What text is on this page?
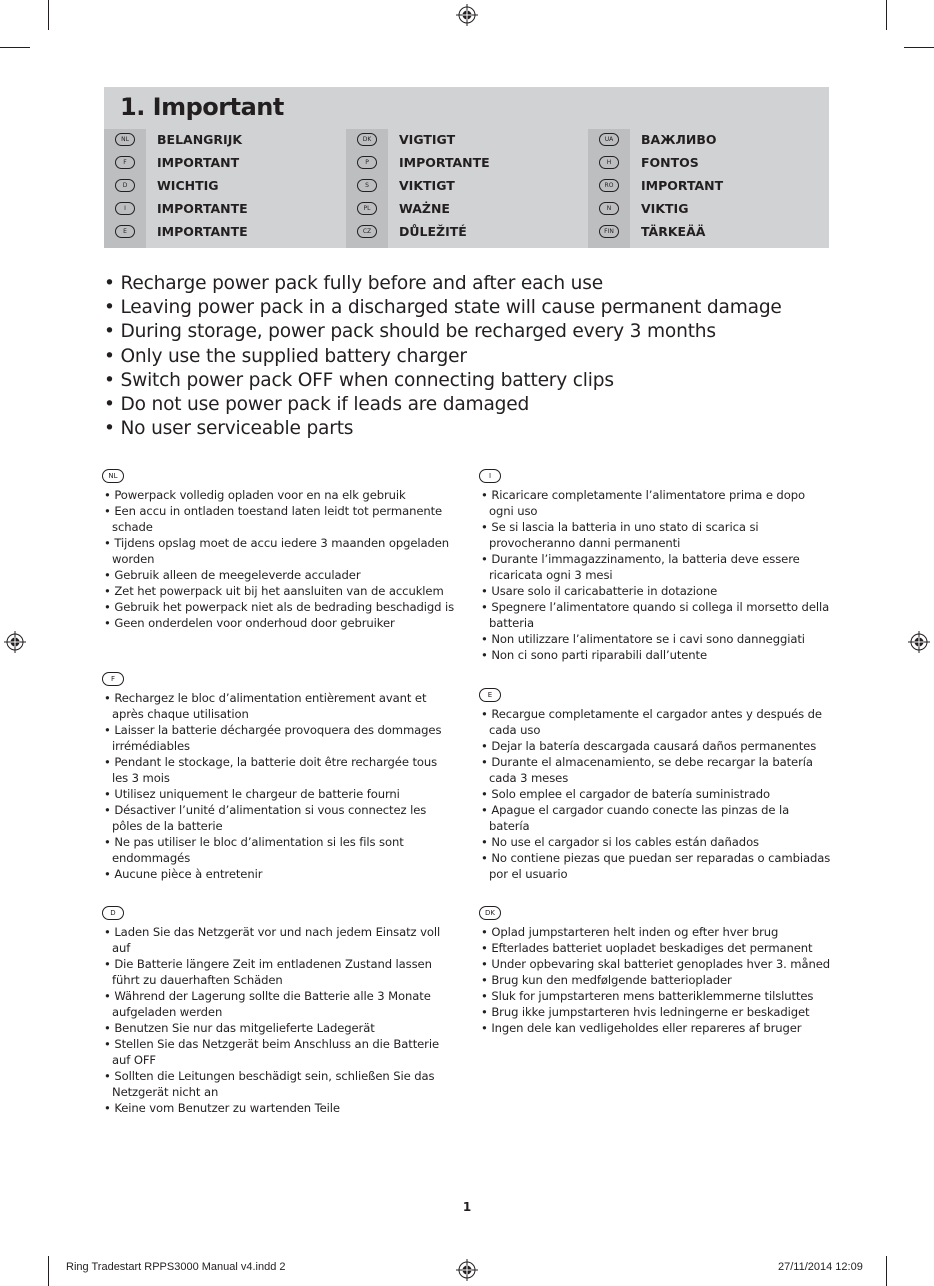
1. Important
NL	BELANGRIJK
F	IMPORTANT
D	WICHTIG
I	IMPORTANTE
E	IMPORTANTE
DK	VIGTIGT
P	IMPORTANTE
S	VIKTIGT
PL	WAŻNE
CZ	DŮLEŽITÉ
UA	ВАЖЛИВО
H	FONTOS
RO	IMPORTANT
N	VIKTIG
FIN	TÄRKEÄÄ
• Recharge power pack fully before and after each use
• Leaving power pack in a discharged state will cause permanent damage
• During storage, power pack should be recharged every 3 months
• Only use the supplied battery charger
• Switch power pack OFF when connecting battery clips
• Do not use power pack if leads are damaged
• No user serviceable parts
NL
• Powerpack volledig opladen voor en na elk gebruik
• Een accu in ontladen toestand laten leidt tot permanente schade
• Tijdens opslag moet de accu iedere 3 maanden opgeladen worden
• Gebruik alleen de meegeleverde acculader
• Zet het powerpack uit bij het aansluiten van de accuklem
• Gebruik het powerpack niet als de bedrading beschadigd is
• Geen onderdelen voor onderhoud door gebruiker
F
• Rechargez le bloc d’alimentation entièrement avant et après chaque utilisation
• Laisser la batterie déchargée provoquera des dommages irrémédiables
• Pendant le stockage, la batterie doit être rechargée tous les 3 mois
• Utilisez uniquement le chargeur de batterie fourni
• Désactiver l’unité d’alimentation si vous connectez les pôles de la batterie
• Ne pas utiliser le bloc d’alimentation si les fils sont endommagés
• Aucune pièce à entretenir
D
• Laden Sie das Netzgerät vor und nach jedem Einsatz voll auf
• Die Batterie längere Zeit im entladenen Zustand lassen führt zu dauerhaften Schäden
• Während der Lagerung sollte die Batterie alle 3 Monate aufgeladen werden
• Benutzen Sie nur das mitgelieferte Ladegerät
• Stellen Sie das Netzgerät beim Anschluss an die Batterie auf OFF
• Sollten die Leitungen beschädigt sein, schließen Sie das Netzgerät nicht an
• Keine vom Benutzer zu wartenden Teile
I
• Ricaricare completamente l’alimentatore prima e dopo ogni uso
• Se si lascia la batteria in uno stato di scarica si provocheranno danni permanenti
• Durante l’immagazzinamento, la batteria deve essere ricaricata ogni 3 mesi
• Usare solo il caricabatterie in dotazione
• Spegnere l’alimentatore quando si collega il morsetto della batteria
• Non utilizzare l’alimentatore se i cavi sono danneggiati
• Non ci sono parti riparabili dall’utente
E
• Recargue completamente el cargador antes y después de cada uso
• Dejar la batería descargada causará daños permanentes
• Durante el almacenamiento, se debe recargar la batería cada 3 meses
• Solo emplee el cargador de batería suministrado
• Apague el cargador cuando conecte las pinzas de la batería
• No use el cargador si los cables están dañados
• No contiene piezas que puedan ser reparadas o cambiadas por el usuario
DK
• Oplad jumpstarteren helt inden og efter hver brug
• Efterlades batteriet uopladet beskadiges det permanent
• Under opbevaring skal batteriet genoplades hver 3. måned
• Brug kun den medfølgende batterioplader
• Sluk for jumpstarteren mens batteriklemmerne tilsluttes
• Brug ikke jumpstarteren hvis ledningerne er beskadiget
• Ingen dele kan vedligeholdes eller repareres af bruger
1
Ring Tradestart RPPS3000 Manual v4.indd 2	27/11/2014 12:09
